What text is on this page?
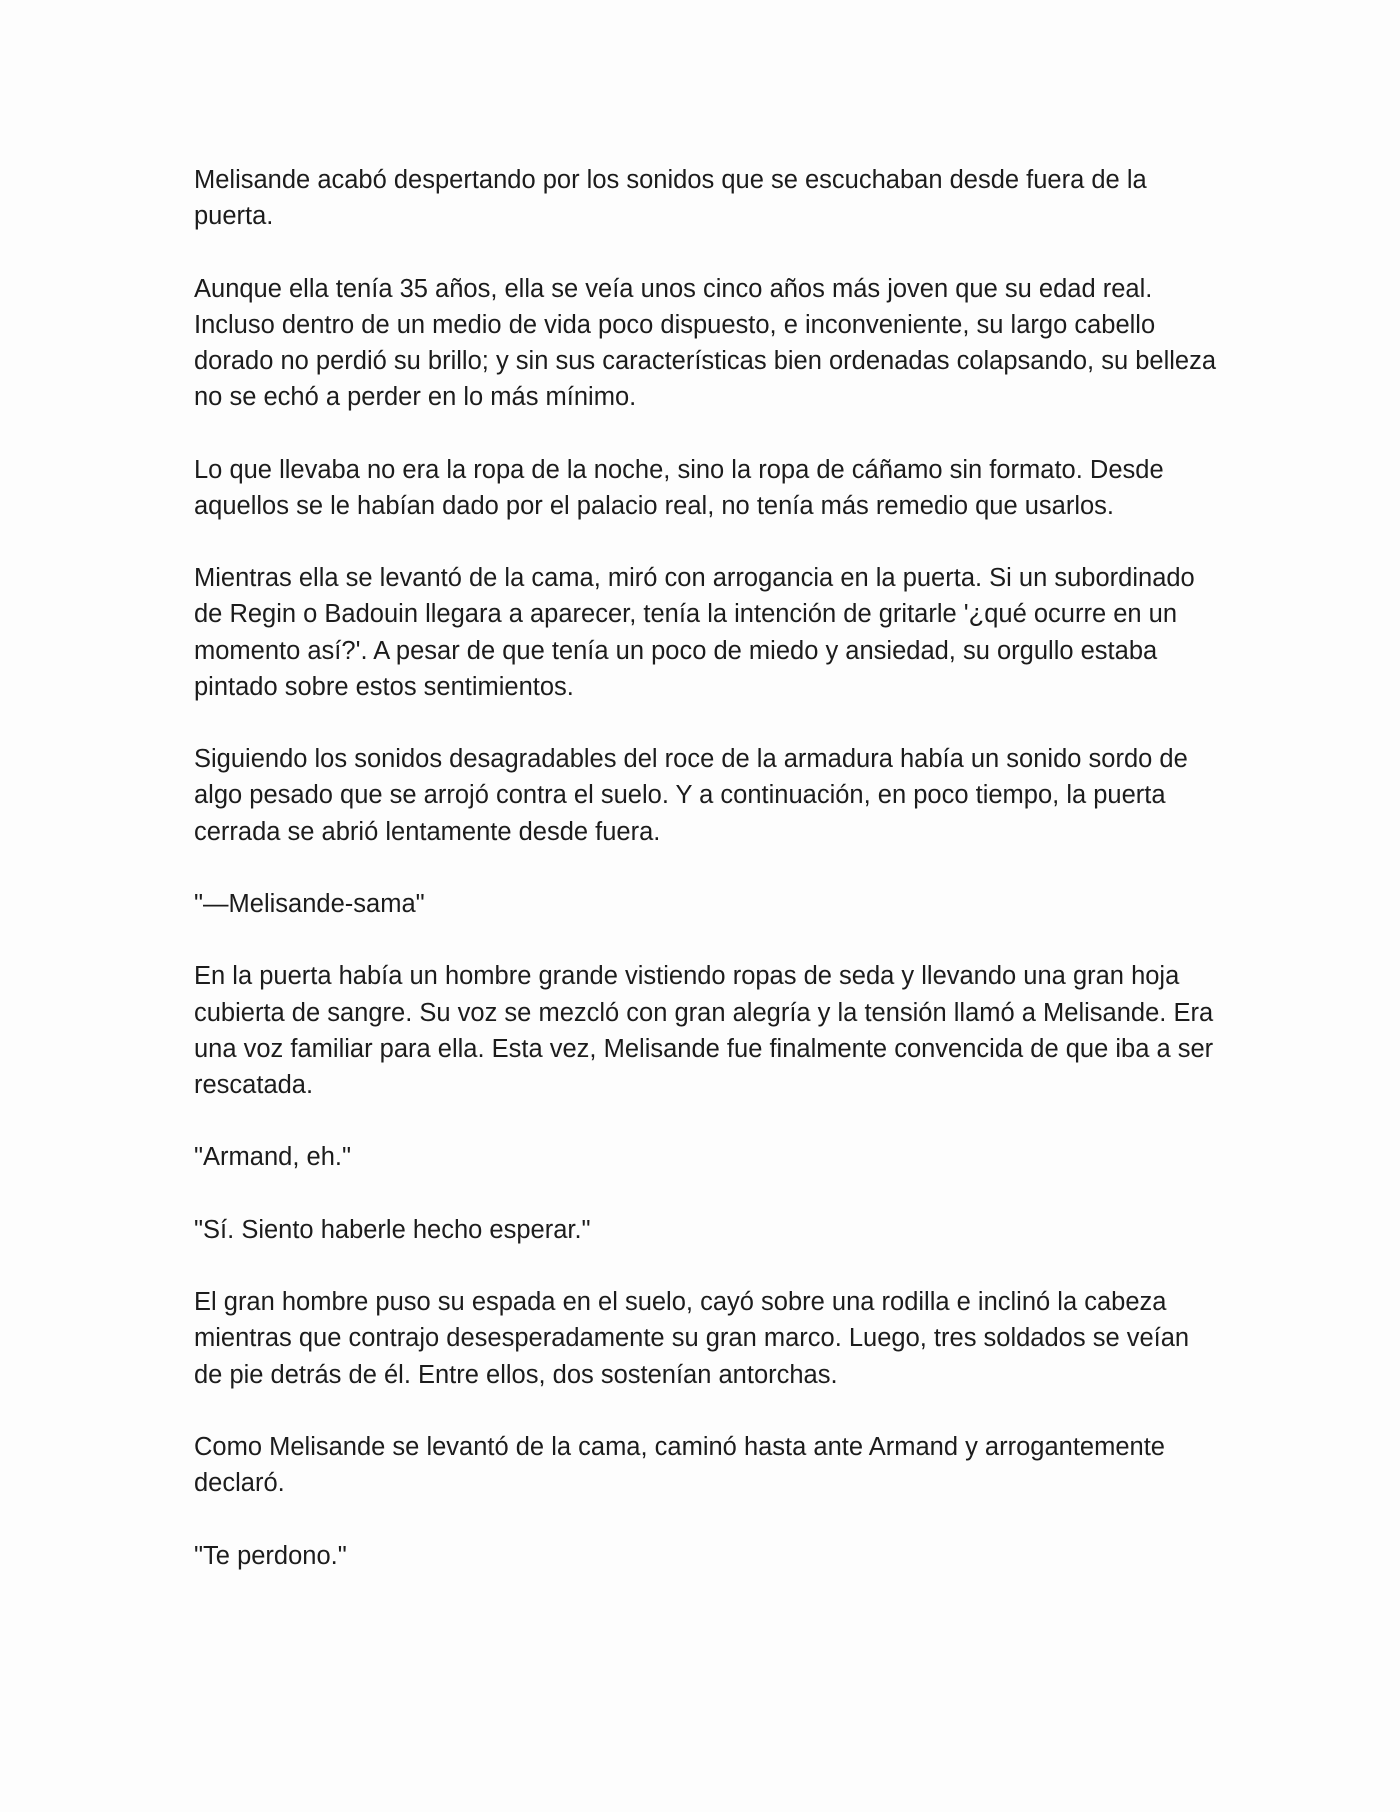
Melisande acabó despertando por los sonidos que se escuchaban desde fuera de la puerta.

Aunque ella tenía 35 años, ella se veía unos cinco años más joven que su edad real. Incluso dentro de un medio de vida poco dispuesto, e inconveniente, su largo cabello dorado no perdió su brillo; y sin sus características bien ordenadas colapsando, su belleza no se echó a perder en lo más mínimo.

Lo que llevaba no era la ropa de la noche, sino la ropa de cáñamo sin formato. Desde aquellos se le habían dado por el palacio real, no tenía más remedio que usarlos.

Mientras ella se levantó de la cama, miró con arrogancia en la puerta. Si un subordinado de Regin o Badouin llegara a aparecer, tenía la intención de gritarle '¿qué ocurre en un momento así?'. A pesar de que tenía un poco de miedo y ansiedad, su orgullo estaba pintado sobre estos sentimientos.

Siguiendo los sonidos desagradables del roce de la armadura había un sonido sordo de algo pesado que se arrojó contra el suelo. Y a continuación, en poco tiempo, la puerta cerrada se abrió lentamente desde fuera.

"—Melisande-sama"

En la puerta había un hombre grande vistiendo ropas de seda y llevando una gran hoja cubierta de sangre. Su voz se mezcló con gran alegría y la tensión llamó a Melisande. Era una voz familiar para ella. Esta vez, Melisande fue finalmente convencida de que iba a ser rescatada.

"Armand, eh."

"Sí. Siento haberle hecho esperar."

El gran hombre puso su espada en el suelo, cayó sobre una rodilla e inclinó la cabeza mientras que contrajo desesperadamente su gran marco. Luego, tres soldados se veían de pie detrás de él. Entre ellos, dos sostenían antorchas.

Como Melisande se levantó de la cama, caminó hasta ante Armand y arrogantemente declaró.

"Te perdono."
